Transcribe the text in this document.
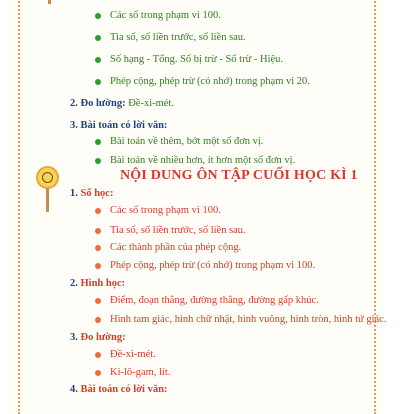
Các số trong phạm vi 100.
Tia số, số liền trước, số liền sau.
Số hạng - Tổng. Số bị trừ - Số trừ - Hiệu.
Phép cộng, phép trừ (có nhớ) trong phạm vi 20.
2. Đo lường: Đề-xi-mét.
3. Bài toán có lời văn:
Bài toán về thêm, bớt một số đơn vị.
Bài toán về nhiều hơn, ít hơn một số đơn vị.
NỘI DUNG ÔN TẬP CUỐI HỌC KÌ 1
1. Số học:
Các số trong phạm vi 100.
Tia số, số liền trước, số liền sau.
Các thành phần của phép cộng.
Phép cộng, phép trừ (có nhớ) trong phạm vi 100.
2. Hình học:
Điểm, đoạn thẳng, đường thẳng, đường gấp khúc.
Hình tam giác, hình chữ nhật, hình vuông, hình tròn, hình tứ giác.
3. Đo lường:
Đề-xi-mét.
Ki-lô-gam, lít.
4. Bài toán có lời văn:
